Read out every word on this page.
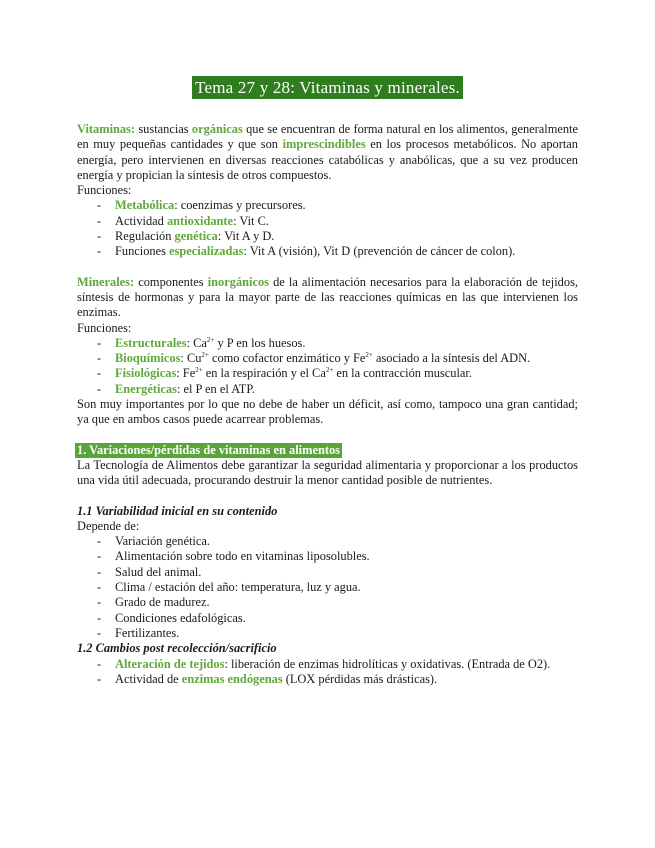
Tema 27 y 28: Vitaminas y minerales.
Vitaminas: sustancias orgánicas que se encuentran de forma natural en los alimentos, generalmente en muy pequeñas cantidades y que son imprescindibles en los procesos metabólicos. No aportan energía, pero intervienen en diversas reacciones catabólicas y anabólicas, que a su vez producen energía y propician la síntesis de otros compuestos.
Funciones:
- Metabólica: coenzimas y precursores.
- Actividad antioxidante: Vit C.
- Regulación genética: Vit A y D.
- Funciones especializadas: Vit A (visión), Vit D (prevención de cáncer de colon).
Minerales: componentes inorgánicos de la alimentación necesarios para la elaboración de tejidos, síntesis de hormonas y para la mayor parte de las reacciones químicas en las que intervienen los enzimas.
Funciones:
- Estructurales: $Ca^{2+}$ y P en los huesos.
- Bioquímicos: $Cu^{2+}$ como cofactor enzimático y $Fe^{2+}$ asociado a la síntesis del ADN.
- Fisiológicas: $Fe^{2+}$ en la respiración y el $Ca^{2+}$ en la contracción muscular.
- Energéticas: el P en el ATP.
Son muy importantes por lo que no debe de haber un déficit, así como, tampoco una gran cantidad; ya que en ambos casos puede acarrear problemas.
1. Variaciones/pérdidas de vitaminas en alimentos
La Tecnología de Alimentos debe garantizar la seguridad alimentaria y proporcionar a los productos una vida útil adecuada, procurando destruir la menor cantidad posible de nutrientes.
1.1 Variabilidad inicial en su contenido
Depende de:
- Variación genética.
- Alimentación sobre todo en vitaminas liposolubles.
- Salud del animal.
- Clima / estación del año: temperatura, luz y agua.
- Grado de madurez.
- Condiciones edafológicas.
- Fertilizantes.
1.2 Cambios post recolección/sacrificio
- Alteración de tejidos: liberación de enzimas hidrolíticas y oxidativas. (Entrada de O2).
- Actividad de enzimas endógenas (LOX pérdidas más drásticas).
